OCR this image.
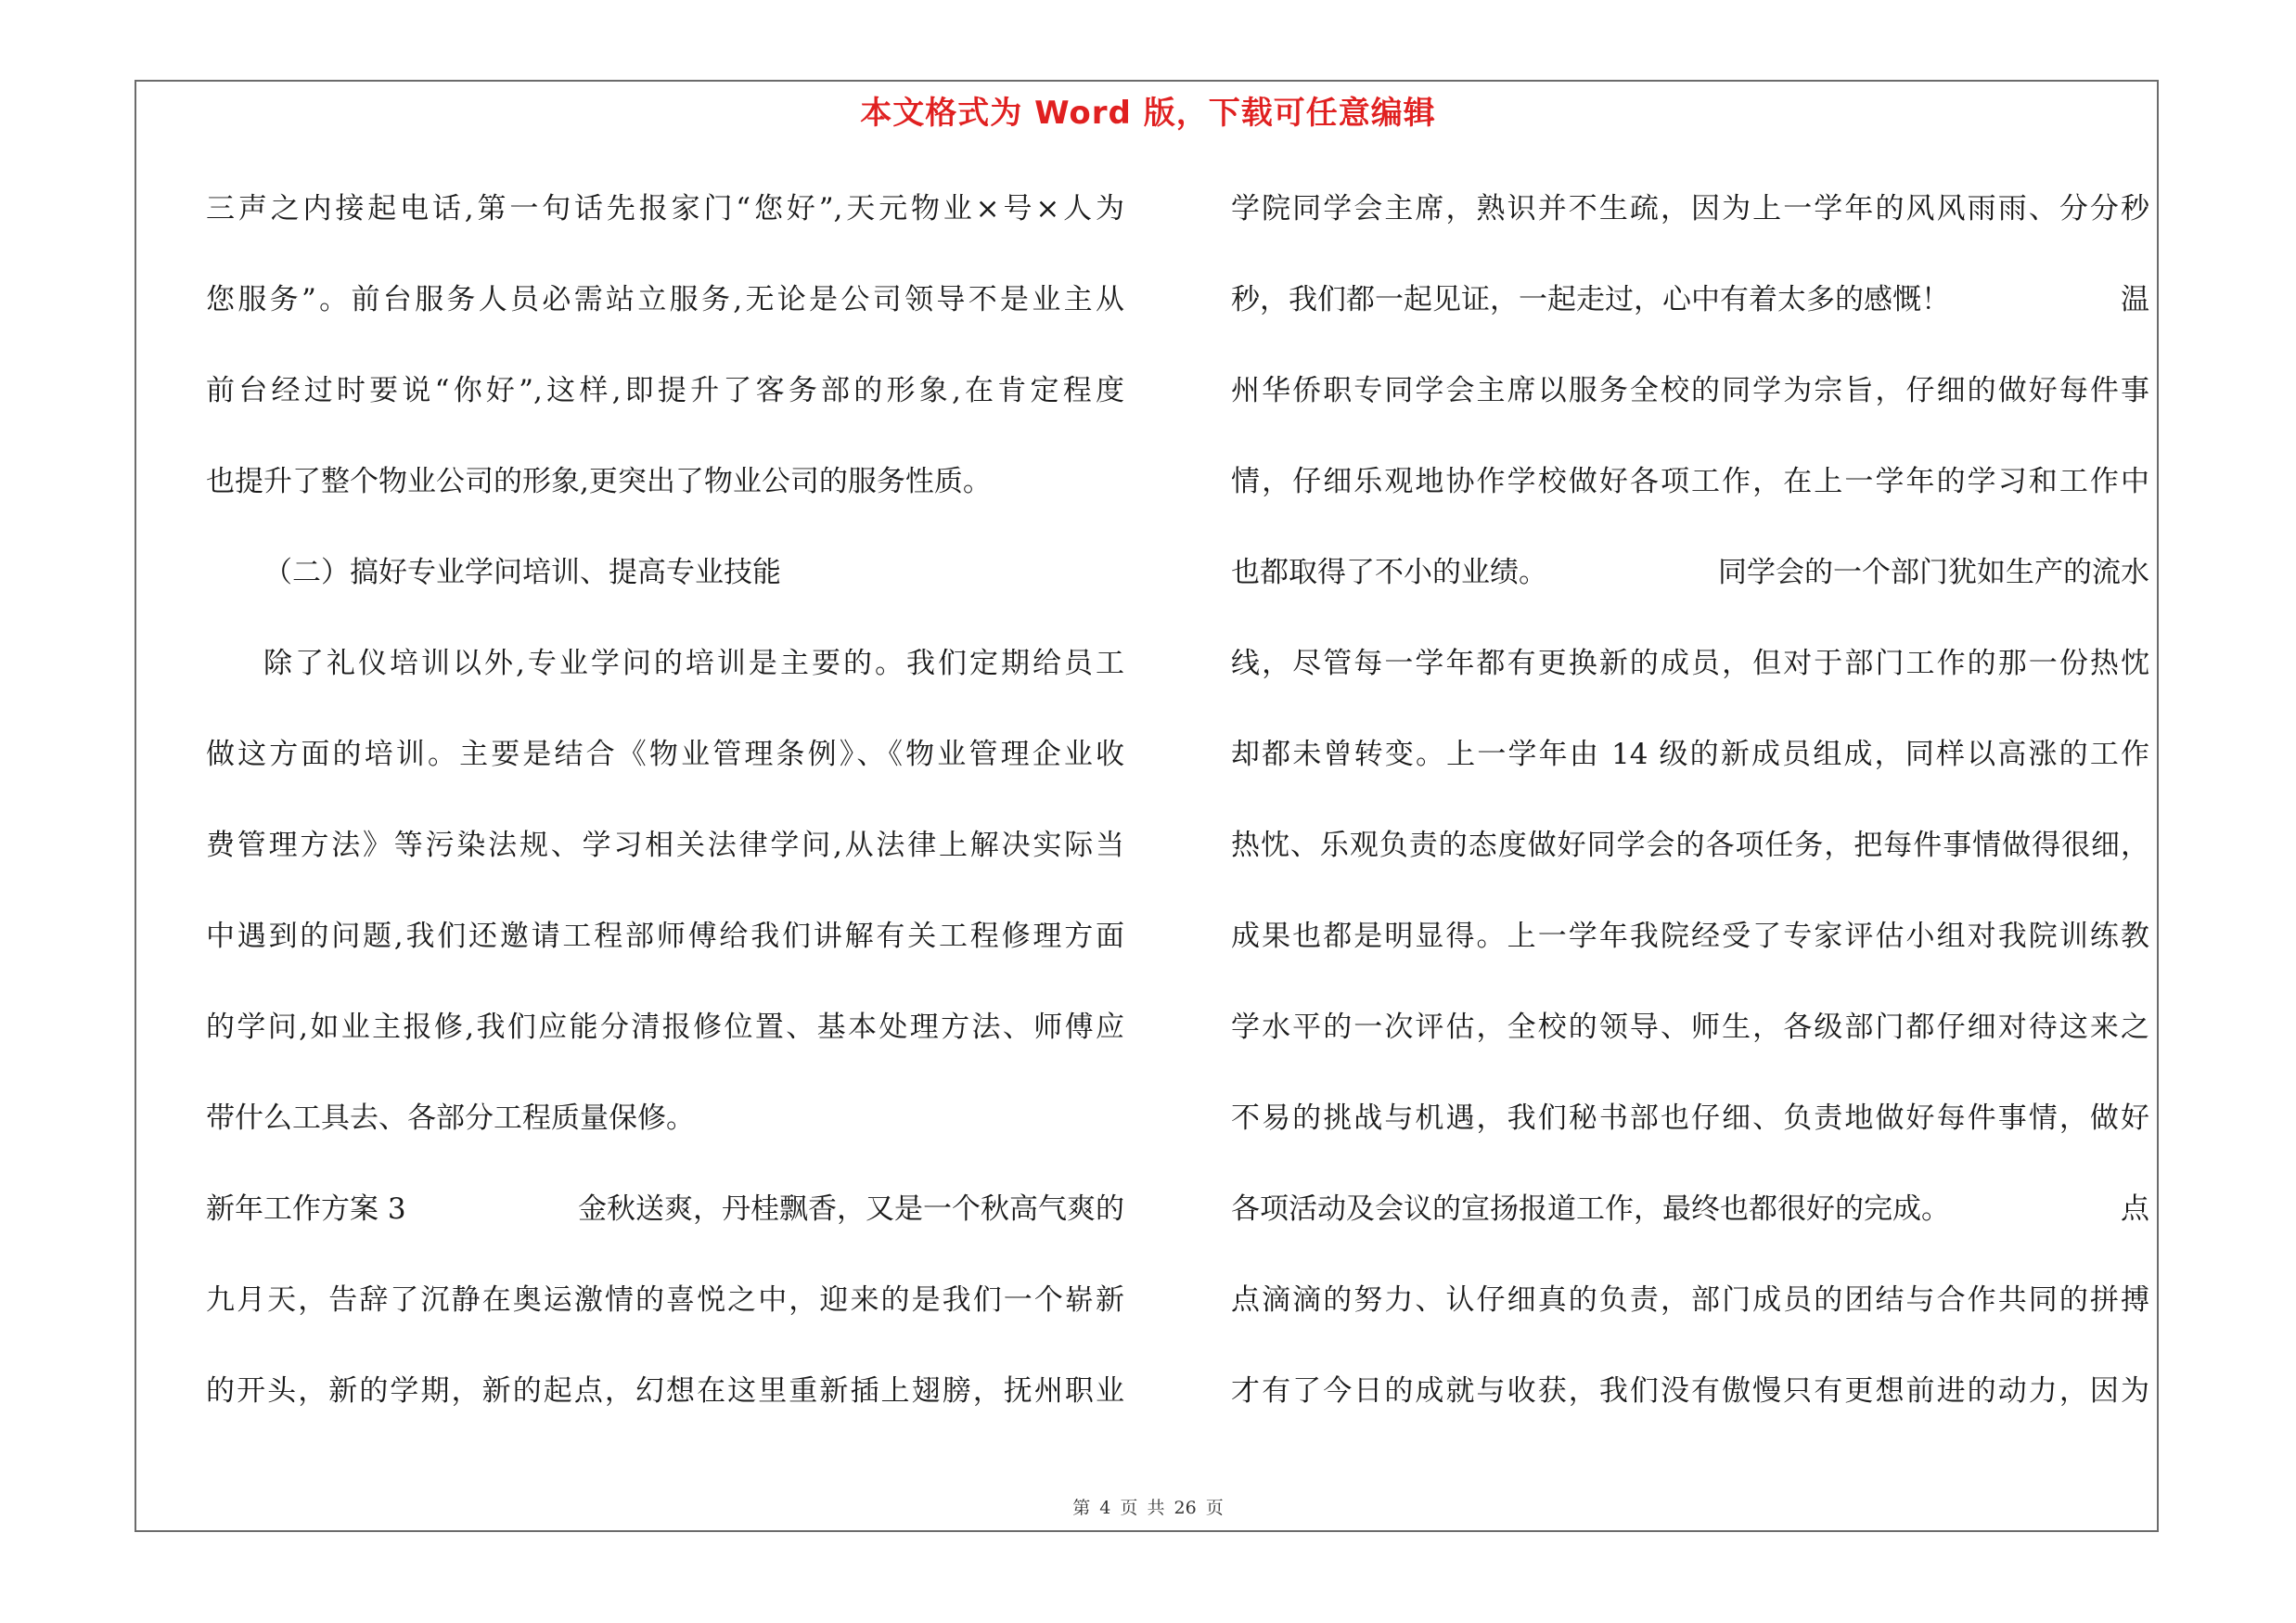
本文格式为 Word 版，下载可任意编辑
三声之内接起电话,第一句话先报家门“您好”,天元物业×号×人为
您服务”。前台服务人员必需站立服务,无论是公司领导不是业主从
前台经过时要说“你好”,这样,即提升了客务部的形象,在肯定程度
也提升了整个物业公司的形象,更突出了物业公司的服务性质。
（二）搞好专业学问培训、提高专业技能
除了礼仪培训以外,专业学问的培训是主要的。我们定期给员工
做这方面的培训。主要是结合《物业管理条例》、《物业管理企业收
费管理方法》等污染法规、学习相关法律学问,从法律上解决实际当
中遇到的问题,我们还邀请工程部师傅给我们讲解有关工程修理方面
的学问,如业主报修,我们应能分清报修位置、基本处理方法、师傅应
带什么工具去、各部分工程质量保修。
新年工作方案 3	金秋送爽，丹桂飘香，又是一个秋高气爽的
九月天，告辞了沉静在奥运激情的喜悦之中，迎来的是我们一个崭新
的开头，新的学期，新的起点，幻想在这里重新插上翅膀，抚州职业
学院同学会主席，熟识并不生疏，因为上一学年的风风雨雨、分分秒
秒，我们都一起见证，一起走过，心中有着太多的感慨！	温
州华侨职专同学会主席以服务全校的同学为宗旨，仔细的做好每件事
情，仔细乐观地协作学校做好各项工作，在上一学年的学习和工作中
也都取得了不小的业绩。	同学会的一个部门犹如生产的流水
线，尽管每一学年都有更换新的成员，但对于部门工作的那一份热忱
却都未曾转变。上一学年由 14 级的新成员组成，同样以高涨的工作
热忱、乐观负责的态度做好同学会的各项任务，把每件事情做得很细，
成果也都是明显得。上一学年我院经受了专家评估小组对我院训练教
学水平的一次评估，全校的领导、师生，各级部门都仔细对待这来之
不易的挑战与机遇，我们秘书部也仔细、负责地做好每件事情，做好
各项活动及会议的宣扬报道工作，最终也都很好的完成。	点
点滴滴的努力、认仔细真的负责，部门成员的团结与合作共同的拼搏
才有了今日的成就与收获，我们没有傲慢只有更想前进的动力，因为
第 4 页 共 26 页
